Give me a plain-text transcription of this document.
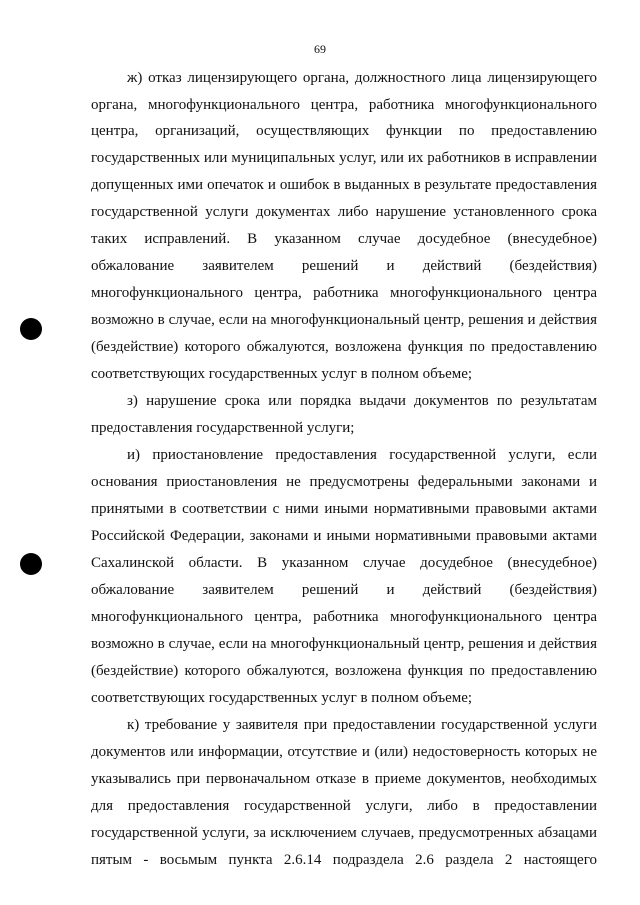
69
ж) отказ лицензирующего органа, должностного лица лицензирующего
органа, многофункционального центра, работника многофункционального
центра, организаций, осуществляющих функции по предоставлению
государственных или муниципальных услуг, или их работников в исправлении
допущенных ими опечаток и ошибок в выданных в результате предоставления
государственной услуги документах либо нарушение установленного срока
таких исправлений. В указанном случае досудебное (внесудебное)
обжалование заявителем решений и действий (бездействия)
многофункционального центра, работника многофункционального центра
возможно в случае, если на многофункциональный центр, решения и действия
(бездействие) которого обжалуются, возложена функция по предоставлению
соответствующих государственных услуг в полном объеме;
з) нарушение срока или порядка выдачи документов по результатам
предоставления государственной услуги;
и) приостановление предоставления государственной услуги, если
основания приостановления не предусмотрены федеральными законами и
принятыми в соответствии с ними иными нормативными правовыми актами
Российской Федерации, законами и иными нормативными правовыми актами
Сахалинской области. В указанном случае досудебное (внесудебное)
обжалование заявителем решений и действий (бездействия)
многофункционального центра, работника многофункционального центра
возможно в случае, если на многофункциональный центр, решения и действия
(бездействие) которого обжалуются, возложена функция по предоставлению
соответствующих государственных услуг в полном объеме;
к) требование у заявителя при предоставлении государственной услуги
документов или информации, отсутствие и (или) недостоверность которых не
указывались при первоначальном отказе в приеме документов, необходимых
для предоставления государственной услуги, либо в предоставлении
государственной услуги, за исключением случаев, предусмотренных абзацами
пятым - восьмым пункта 2.6.14 подраздела 2.6 раздела 2 настоящего
